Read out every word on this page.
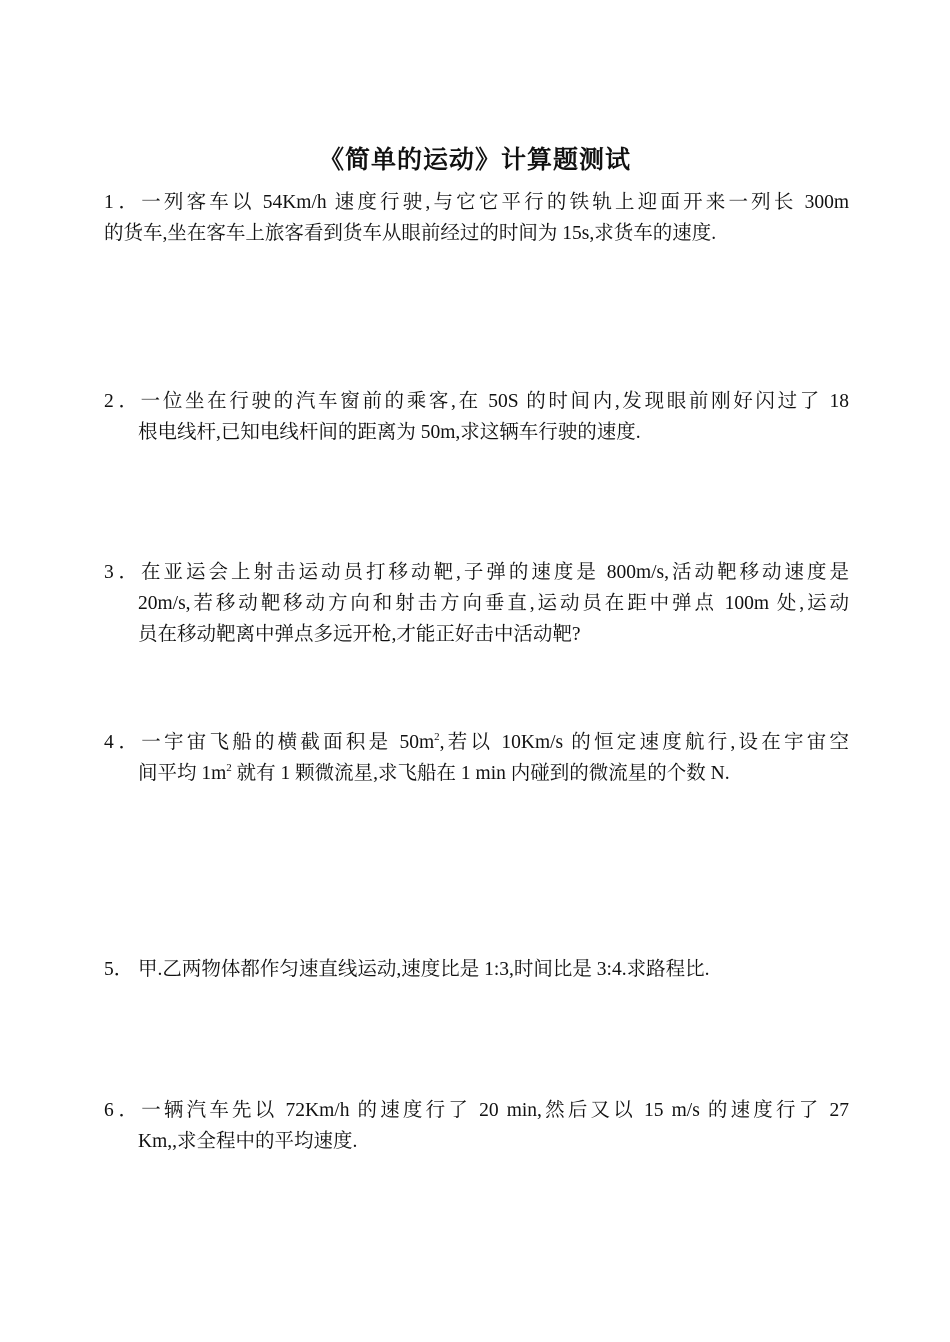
《简单的运动》计算题测试
1．一列客车以 54Km/h 速度行驶,与它它平行的铁轨上迎面开来一列长 300m
的货车,坐在客车上旅客看到货车从眼前经过的时间为 15s,求货车的速度.
2．一位坐在行驶的汽车窗前的乘客,在 50S 的时间内,发现眼前刚好闪过了 18
根电线杆,已知电线杆间的距离为 50m,求这辆车行驶的速度.
3．在亚运会上射击运动员打移动靶,子弹的速度是 800m/s,活动靶移动速度是
20m/s,若移动靶移动方向和射击方向垂直,运动员在距中弹点 100m 处,运动
员在移动靶离中弹点多远开枪,才能正好击中活动靶?
4．一宇宙飞船的横截面积是 $50m^2$,若以 10Km/s 的恒定速度航行,设在宇宙空
间平均 $1m^2$ 就有 1 颗微流星,求飞船在 1 min 内碰到的微流星的个数 N.
5． 甲.乙两物体都作匀速直线运动,速度比是 1:3,时间比是 3:4.求路程比.
6．一辆汽车先以 72Km/h 的速度行了 20 min,然后又以 15 m/s 的速度行了 27
Km,,求全程中的平均速度.
